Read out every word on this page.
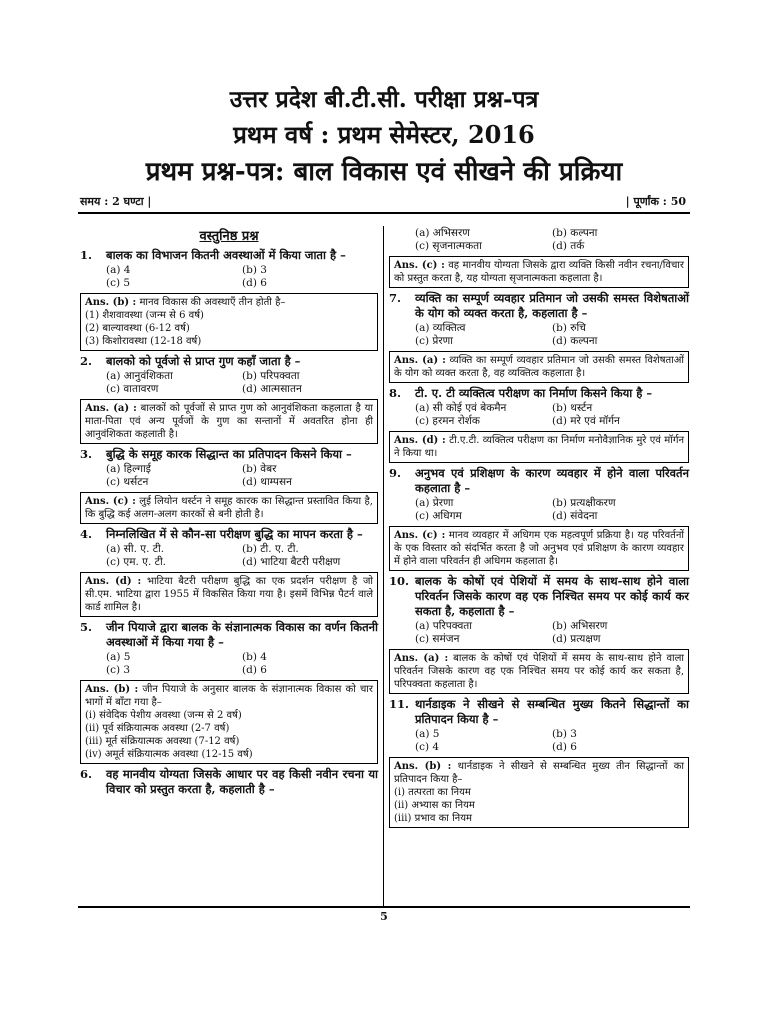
उत्तर प्रदेश बी.टी.सी. परीक्षा प्रश्न-पत्र
प्रथम वर्ष : प्रथम सेमेस्टर, 2016
प्रथम प्रश्न-पत्र: बाल विकास एवं सीखने की प्रक्रिया
समय : 2 घण्टा |	| पूर्णांक : 50
वस्तुनिष्ठ प्रश्न
1.	बालक का विभाजन कितनी अवस्थाओं में किया जाता है –
(a) 4	(b) 3
(c) 5	(d) 6
Ans. (b) : मानव विकास की अवस्थाएँ तीन होती है–
(1) शैशवावस्था (जन्म से 6 वर्ष)
(2) बाल्यावस्था (6-12 वर्ष)
(3) किशोरावस्था (12-18 वर्ष)
2.	बालको को पूर्वजो से प्राप्त गुण कहाँ जाता है –
(a) आनुवंशिकता	(b) परिपक्वता
(c) वातावरण	(d) आत्मसातन
Ans. (a) : बालकों को पूर्वजों से प्राप्त गुण को आनुवंशिकता कहलाता है या माता-पिता एवं अन्य पूर्वजों के गुण का सन्तानों में अवतरित होना ही आनुवंशिकता कहलाती है।
3.	बुद्धि के समूह कारक सिद्धान्त का प्रतिपादन किसने किया –
(a) हिल्गाई	(b) वेबर
(c) थर्सटन	(d) थाम्पसन
Ans. (c) : लुई लियोन थर्स्टन ने समूह कारक का सिद्धान्त प्रस्तावित किया है, कि बुद्धि कई अलग-अलग कारकों से बनी होती है।
4.	निम्नलिखित में से कौन-सा परीक्षण बुद्धि का मापन करता है –
(a) सी. ए. टी.	(b) टी. ए. टी.
(c) एम. ए. टी.	(d) भाटिया बैटरी परीक्षण
Ans. (d) : भाटिया बैटरी परीक्षण बुद्धि का एक प्रदर्शन परीक्षण है जो सी.एम. भाटिया द्वारा 1955 में विकसित किया गया है। इसमें विभिन्न पैटर्न वाले कार्ड शामिल है।
5.	जीन पियाजे द्वारा बालक के संज्ञानात्मक विकास का वर्णन कितनी अवस्थाओं में किया गया है –
(a) 5	(b) 4
(c) 3	(d) 6
Ans. (b) : जीन पियाजे के अनुसार बालक के संज्ञानात्मक विकास को चार भागों में बाँटा गया है–
(i) संवेदिक पेशीय अवस्था (जन्म से 2 वर्ष)
(ii) पूर्व संक्रियात्मक अवस्था (2-7 वर्ष)
(iii) मूर्त संक्रियात्मक अवस्था (7-12 वर्ष)
(iv) अमूर्त संक्रियात्मक अवस्था (12-15 वर्ष)
6.	वह मानवीय योग्यता जिसके आधार पर वह किसी नवीन रचना या विचार को प्रस्तुत करता है, कहलाती है –
(a) अभिसरण	(b) कल्पना
(c) सृजनात्मकता	(d) तर्क
Ans. (c) : वह मानवीय योग्यता जिसके द्वारा व्यक्ति किसी नवीन रचना/विचार को प्रस्तुत करता है, यह योग्यता सृजनात्मकता कहलाता है।
7.	व्यक्ति का सम्पूर्ण व्यवहार प्रतिमान जो उसकी समस्त विशेषताओं के योग को व्यक्त करता है, कहलाता है –
(a) व्यक्तित्व	(b) रुचि
(c) प्रेरणा	(d) कल्पना
Ans. (a) : व्यक्ति का सम्पूर्ण व्यवहार प्रतिमान जो उसकी समस्त विशेषताओं के योग को व्यक्त करता है, वह व्यक्तित्व कहलाता है।
8.	टी. ए. टी व्यक्तित्व परीक्षण का निर्माण किसने किया है –
(a) सी कोई एवं बेकमैन	(b) थर्स्टन
(c) हरमन रोर्शक	(d) मरे एवं मॉर्गन
Ans. (d) : टी.ए.टी. व्यक्तित्व परीक्षण का निर्माण मनोवैज्ञानिक मुरे एवं मॉर्गन ने किया था।
9.	अनुभव एवं प्रशिक्षण के कारण व्यवहार में होने वाला परिवर्तन कहलाता है –
(a) प्रेरणा	(b) प्रत्यक्षीकरण
(c) अधिगम	(d) संवेदना
Ans. (c) : मानव व्यवहार में अधिगम एक महत्वपूर्ण प्रक्रिया है। यह परिवर्तनों के एक विस्तार को संदर्भित करता है जो अनुभव एवं प्रशिक्षण के कारण व्यवहार में होने वाला परिवर्तन ही अधिगम कहलाता है।
10. बालक के कोषों एवं पेशियों में समय के साथ-साथ होने वाला परिवर्तन जिसके कारण वह एक निश्चित समय पर कोई कार्य कर सकता है, कहलाता है –
(a) परिपक्वता	(b) अभिसरण
(c) समंजन	(d) प्रत्यक्षण
Ans. (a) : बालक के कोषों एवं पेशियों में समय के साथ-साथ होने वाला परिवर्तन जिसके कारण वह एक निश्चित समय पर कोई कार्य कर सकता है, परिपक्वता कहलाता है।
11. थार्नडाइक ने सीखने से सम्बन्धित मुख्य कितने सिद्धान्तों का प्रतिपादन किया है –
(a) 5	(b) 3
(c) 4	(d) 6
Ans. (b) : थार्नडाइक ने सीखने से सम्बन्धित मुख्य तीन सिद्धान्तों का प्रतिपादन किया है–
(i) तत्परता का नियम
(ii) अभ्यास का नियम
(iii) प्रभाव का नियम
5
